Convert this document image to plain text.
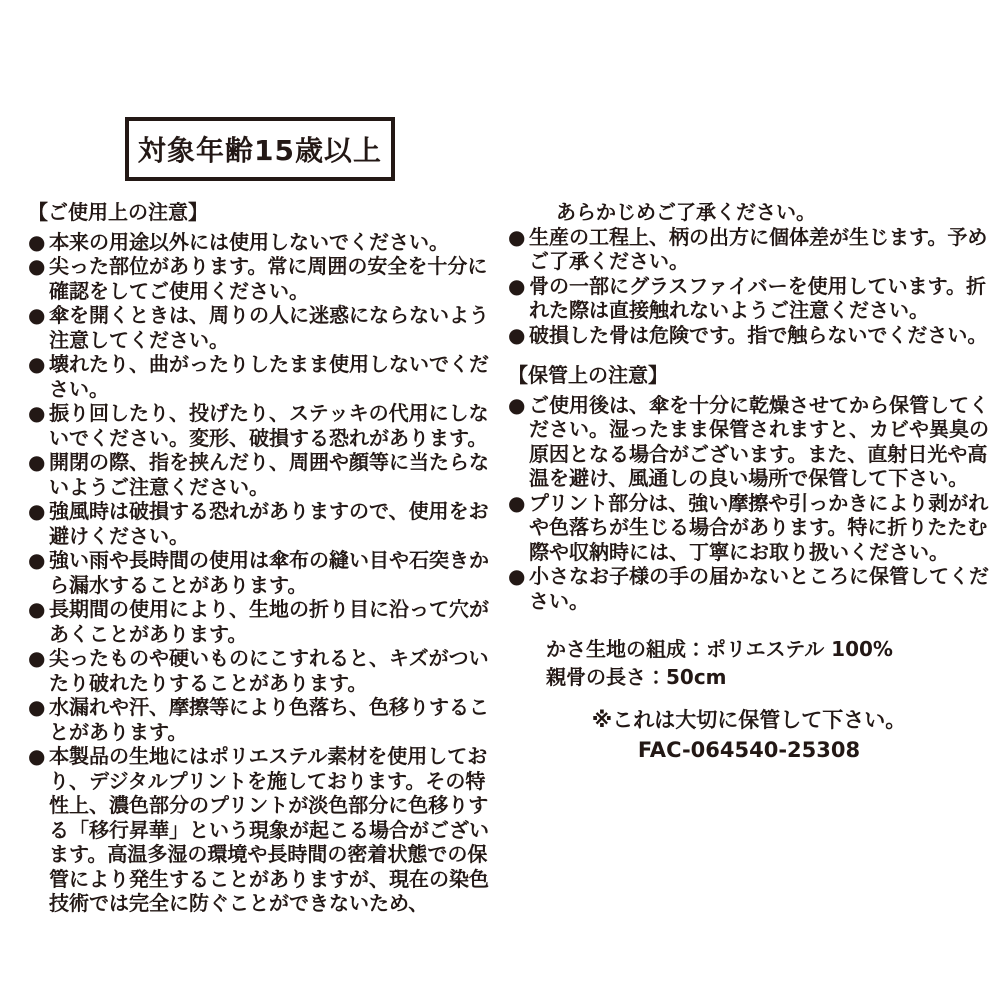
対象年齢15歳以上
【ご使用上の注意】
● 本来の用途以外には使用しないでください。
● 尖った部位があります。常に周囲の安全を十分に確認をしてご使用ください。
● 傘を開くときは、周りの人に迷惑にならないよう注意してください。
● 壊れたり、曲がったりしたまま使用しないでください。
● 振り回したり、投げたり、ステッキの代用にしないでください。変形、破損する恐れがあります。
● 開閉の際、指を挟んだり、周囲や顔等に当たらないようご注意ください。
● 強風時は破損する恐れがありますので、使用をお避けください。
● 強い雨や長時間の使用は傘布の縫い目や石突きから漏水することがあります。
● 長期間の使用により、生地の折り目に沿って穴があくことがあります。
● 尖ったものや硬いものにこすれると、キズがついたり破れたりすることがあります。
● 水漏れや汗、摩擦等により色落ち、色移りすることがあります。
● 本製品の生地にはポリエステル素材を使用しており、デジタルプリントを施しております。その特性上、濃色部分のプリントが淡色部分に色移りする「移行昇華」という現象が起こる場合がございます。高温多湿の環境や長時間の密着状態での保管により発生することがありますが、現在の染色技術では完全に防ぐことができないため、
あらかじめご了承ください。
● 生産の工程上、柄の出方に個体差が生じます。予めご了承ください。
● 骨の一部にグラスファイバーを使用しています。折れた際は直接触れないようご注意ください。
● 破損した骨は危険です。指で触らないでください。
【保管上の注意】
● ご使用後は、傘を十分に乾燥させてから保管してください。湿ったまま保管されますと、カビや異臭の原因となる場合がございます。また、直射日光や高温を避け、風通しの良い場所で保管して下さい。
● プリント部分は、強い摩擦や引っかきにより剥がれや色落ちが生じる場合があります。特に折りたたむ際や収納時には、丁寧にお取り扱いください。
● 小さなお子様の手の届かないところに保管してください。
かさ生地の組成：ポリエステル 100%
親骨の長さ：50cm
※これは大切に保管して下さい。
FAC-064540-25308
